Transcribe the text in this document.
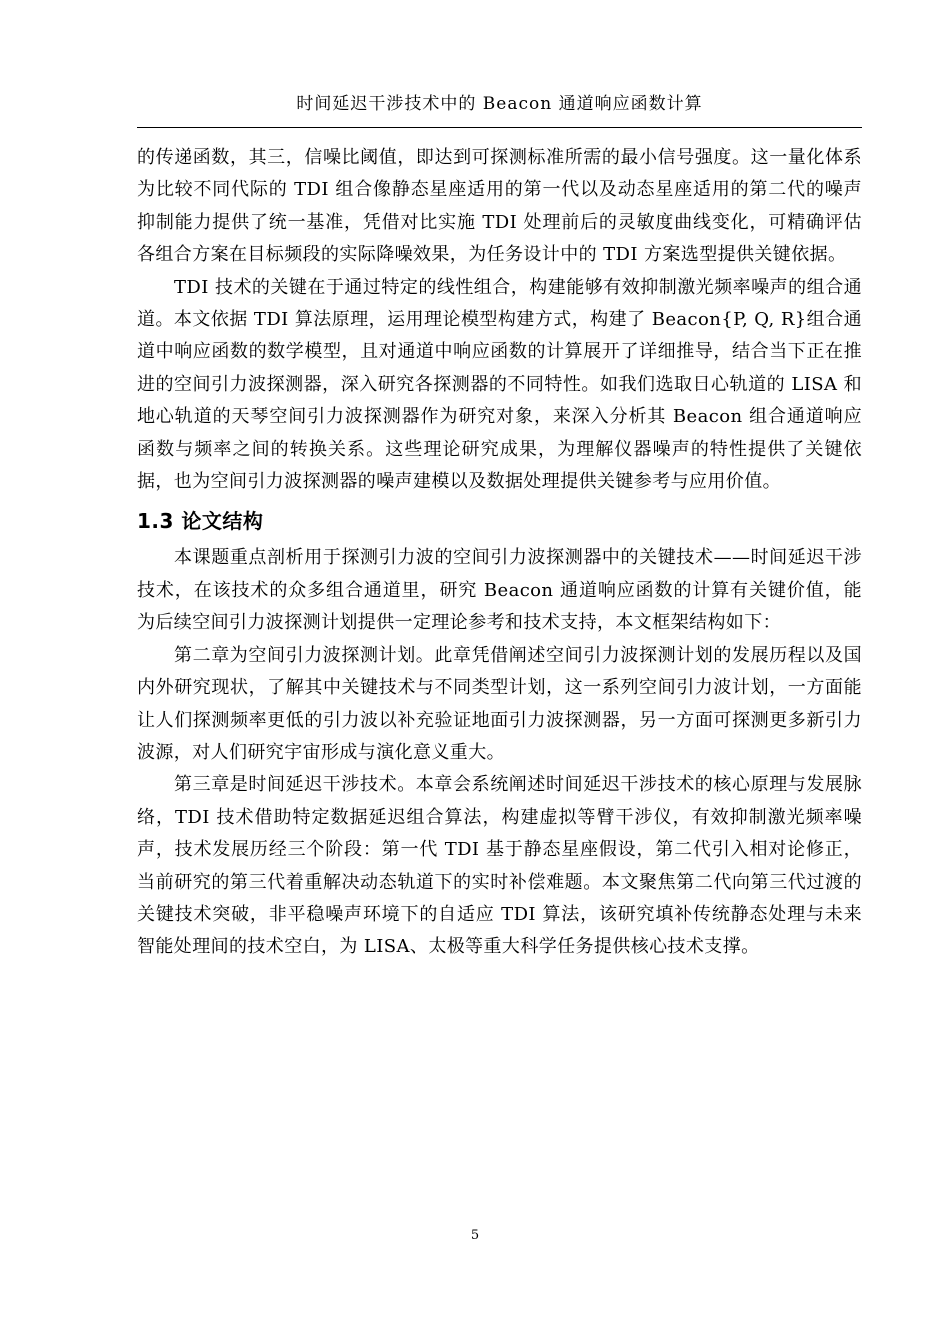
时间延迟干涉技术中的 Beacon 通道响应函数计算

的传递函数，其三，信噪比阈值，即达到可探测标准所需的最小信号强度。这一量化体系为比较不同代际的 TDI 组合像静态星座适用的第一代以及动态星座适用的第二代的噪声抑制能力提供了统一基准，凭借对比实施 TDI 处理前后的灵敏度曲线变化，可精确评估各组合方案在目标频段的实际降噪效果，为任务设计中的 TDI 方案选型提供关键依据。

TDI 技术的关键在于通过特定的线性组合，构建能够有效抑制激光频率噪声的组合通道。本文依据 TDI 算法原理，运用理论模型构建方式，构建了 Beacon{P, Q, R}组合通道中响应函数的数学模型，且对通道中响应函数的计算展开了详细推导，结合当下正在推进的空间引力波探测器，深入研究各探测器的不同特性。如我们选取日心轨道的 LISA 和地心轨道的天琴空间引力波探测器作为研究对象，来深入分析其 Beacon 组合通道响应函数与频率之间的转换关系。这些理论研究成果，为理解仪器噪声的特性提供了关键依据，也为空间引力波探测器的噪声建模以及数据处理提供关键参考与应用价值。

1.3 论文结构

本课题重点剖析用于探测引力波的空间引力波探测器中的关键技术——时间延迟干涉技术，在该技术的众多组合通道里，研究 Beacon 通道响应函数的计算有关键价值，能为后续空间引力波探测计划提供一定理论参考和技术支持，本文框架结构如下：

第二章为空间引力波探测计划。此章凭借阐述空间引力波探测计划的发展历程以及国内外研究现状，了解其中关键技术与不同类型计划，这一系列空间引力波计划，一方面能让人们探测频率更低的引力波以补充验证地面引力波探测器，另一方面可探测更多新引力波源，对人们研究宇宙形成与演化意义重大。

第三章是时间延迟干涉技术。本章会系统阐述时间延迟干涉技术的核心原理与发展脉络，TDI 技术借助特定数据延迟组合算法，构建虚拟等臂干涉仪，有效抑制激光频率噪声，技术发展历经三个阶段：第一代 TDI 基于静态星座假设，第二代引入相对论修正，当前研究的第三代着重解决动态轨道下的实时补偿难题。本文聚焦第二代向第三代过渡的关键技术突破，非平稳噪声环境下的自适应 TDI 算法，该研究填补传统静态处理与未来智能处理间的技术空白，为 LISA、太极等重大科学任务提供核心技术支撑。

5
